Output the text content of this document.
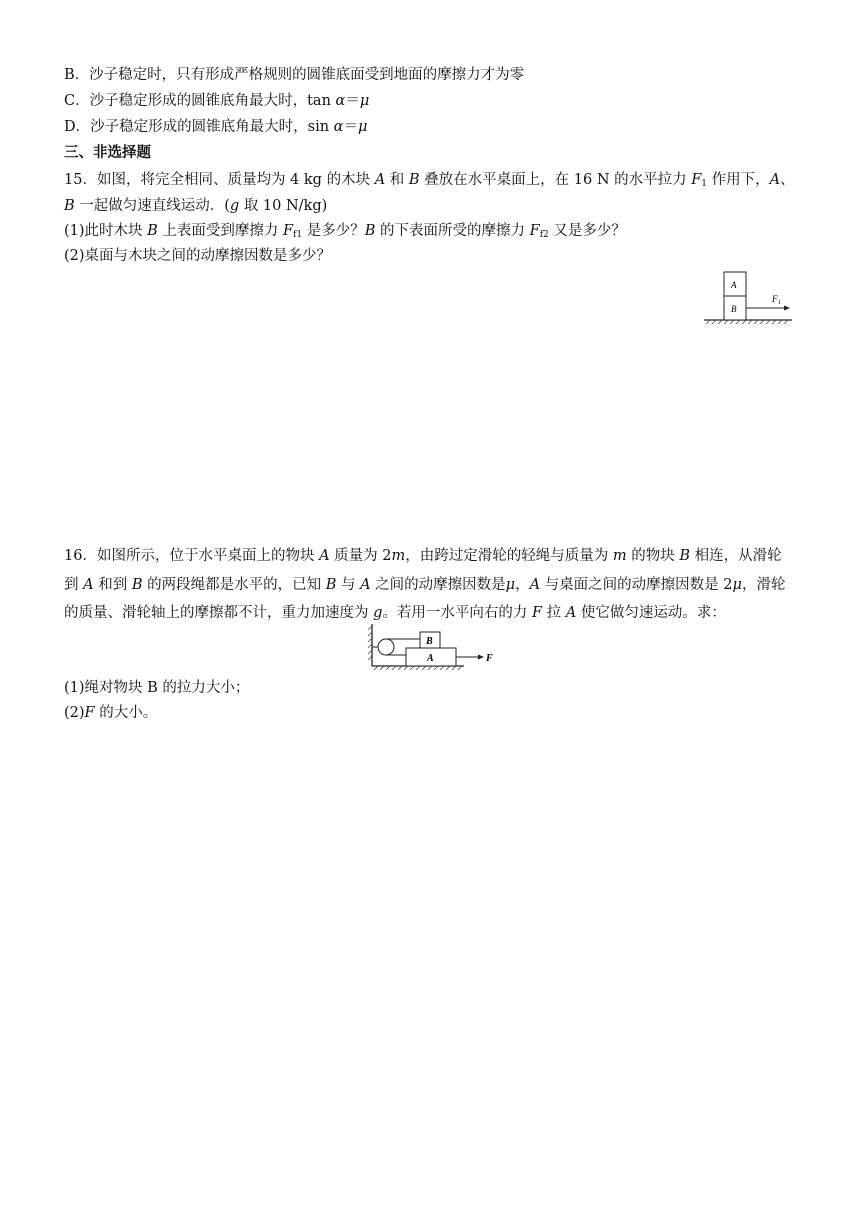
B．沙子稳定时，只有形成严格规则的圆锥底面受到地面的摩擦力才为零
C．沙子稳定形成的圆锥底角最大时，tan α＝μ
D．沙子稳定形成的圆锥底角最大时，sin α＝μ
三、非选择题
15．如图，将完全相同、质量均为 4 kg 的木块 A 和 B 叠放在水平桌面上，在 16 N 的水平拉力 $F_1$ 作用下，A、
B 一起做匀速直线运动．(g 取 10 N/kg)
(1)此时木块 B 上表面受到摩擦力 $F_{f1}$ 是多少？B 的下表面所受的摩擦力 $F_{f2}$ 又是多少？
(2)桌面与木块之间的动摩擦因数是多少？
A
B
F 1
16．如图所示，位于水平桌面上的物块 A 质量为 2m，由跨过定滑轮的轻绳与质量为 m 的物块 B 相连，从滑轮
到 A 和到 B 的两段绳都是水平的，已知 B 与 A 之间的动摩擦因数是μ，A 与桌面之间的动摩擦因数是 2μ，滑轮
的质量、滑轮轴上的摩擦都不计，重力加速度为 g。若用一水平向右的力 F 拉 A 使它做匀速运动。求：
B
A	F
(1)绳对物块 B 的拉力大小；
(2)F 的大小。
